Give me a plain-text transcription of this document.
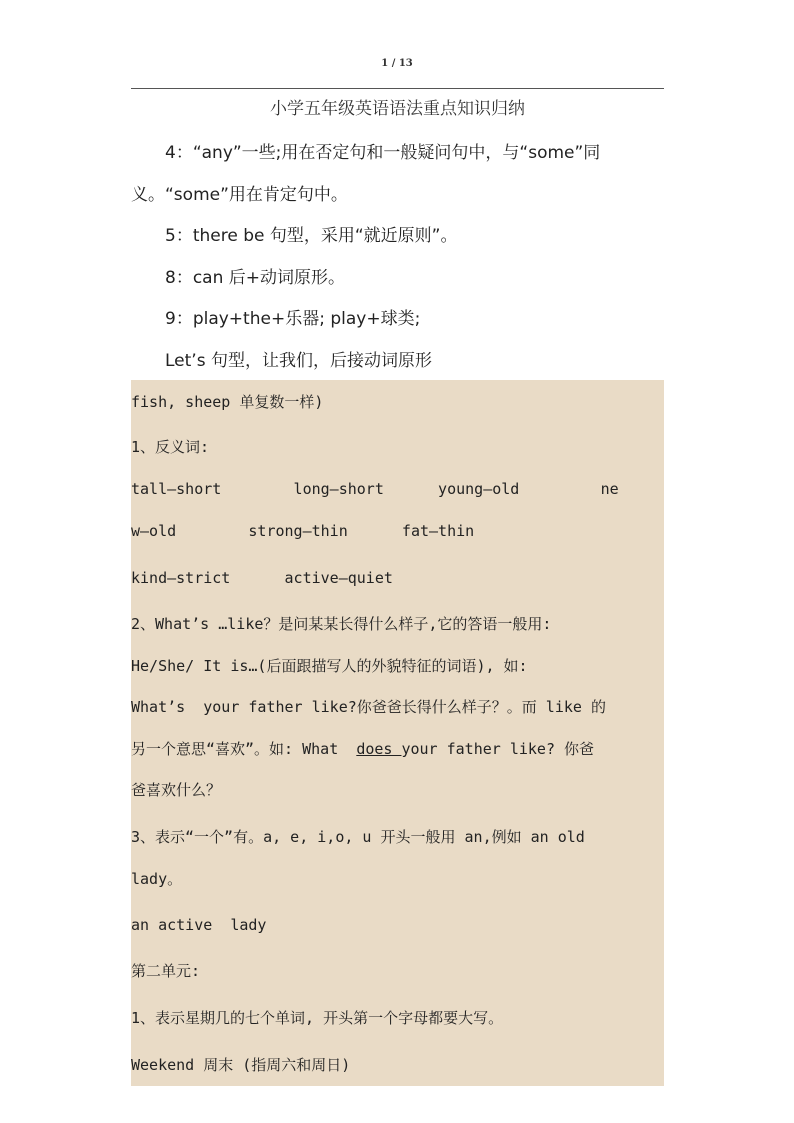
1 / 13
小学五年级英语语法重点知识归纳
4：“any”一些;用在否定句和一般疑问句中，与“some”同
义。“some”用在肯定句中。
5：there be 句型，采用“就近原则”。
8：can 后+动词原形。
9：play+the+乐器; play+球类;
Let’s 句型，让我们，后接动词原形
fish, sheep 单复数一样)
1、反义词:
tall—short        long—short      young—old         ne
w—old        strong—thin      fat—thin
kind—strict      active—quiet
2、What’s …like？是问某某长得什么样子,它的答语一般用:
He/She/ It is…(后面跟描写人的外貌特征的词语), 如:
What’s  your father like?你爸爸长得什么样子？。而 like 的
另一个意思“喜欢”。如: What  does your father like? 你爸
爸喜欢什么？
3、表示“一个”有。a, e, i,o, u 开头一般用 an,例如 an old
lady。
an active  lady
第二单元:
1、表示星期几的七个单词, 开头第一个字母都要大写。
Weekend 周末 (指周六和周日)
